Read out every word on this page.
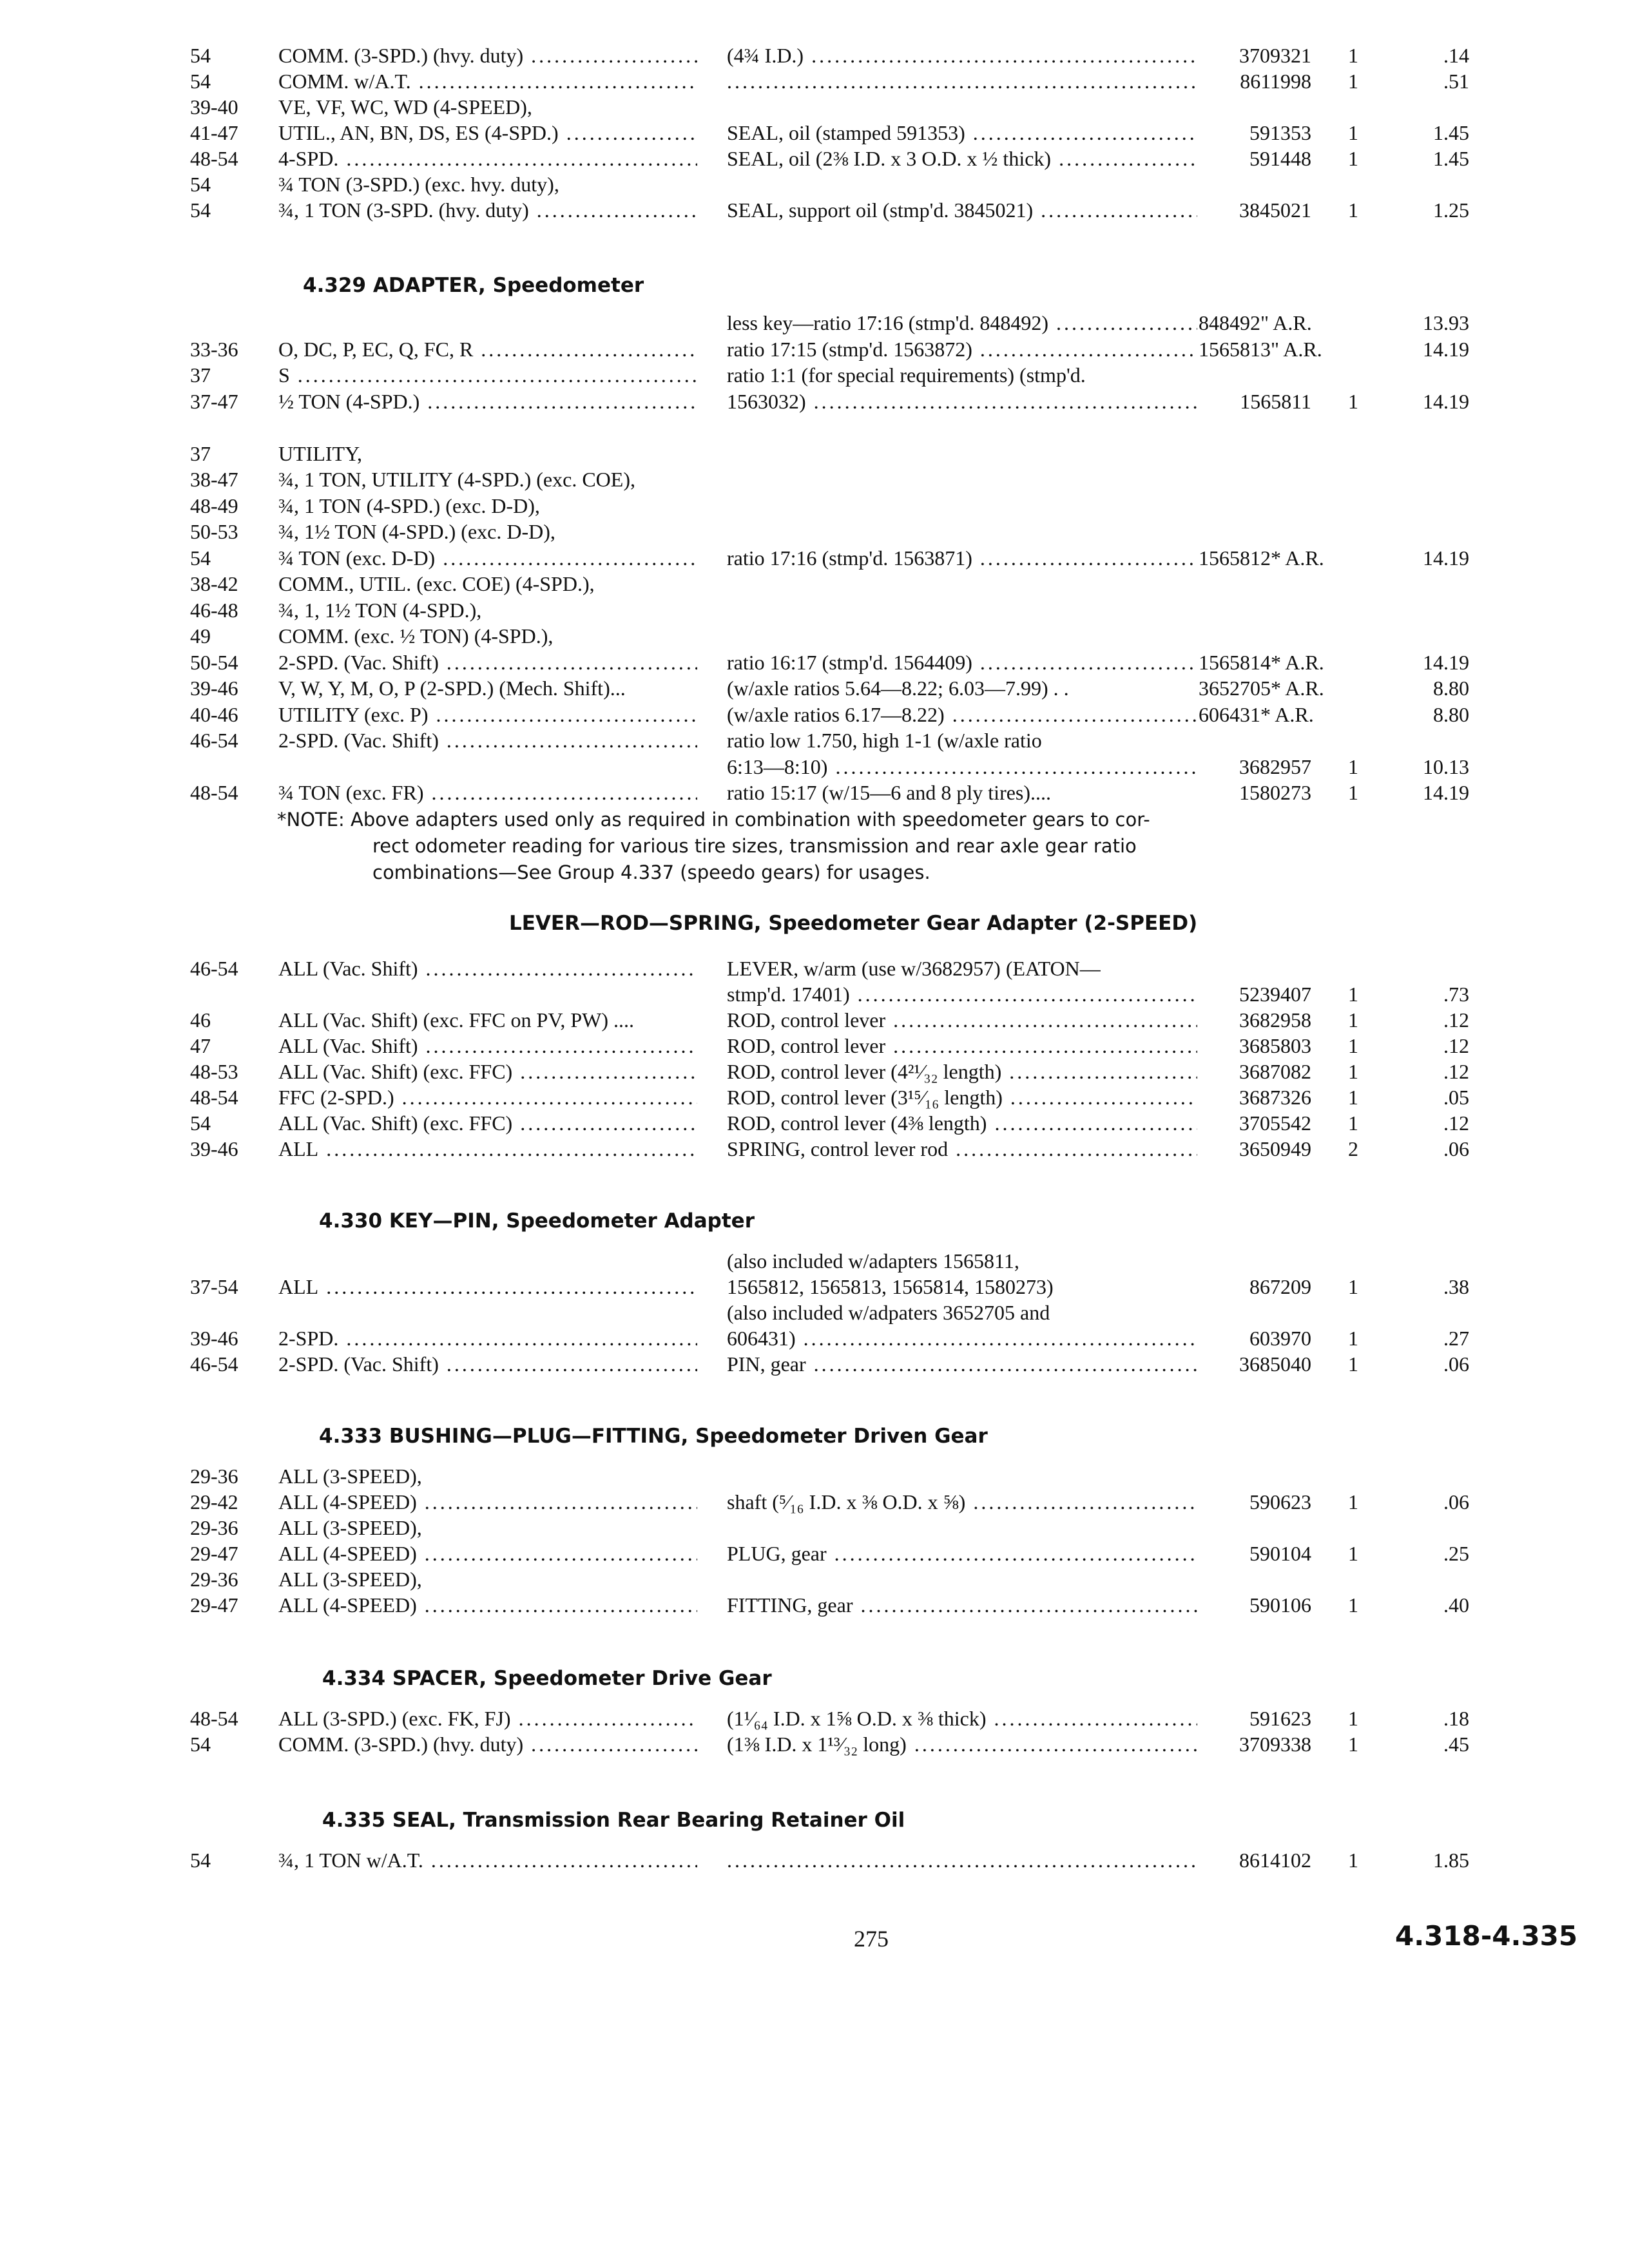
54	COMM. (3-SPD.) (hvy. duty) .....	(4¾ I.D.) .....	3709321	1	.14
54	COMM. w/A.T. ..... .....	8611998	1	.51
39-40	VE, VF, WC, WD (4-SPEED),
41-47	UTIL., AN, BN, DS, ES (4-SPD.) .....	SEAL, oil (stamped 591353) .....	591353	1	1.45
48-54	4-SPD. .....	SEAL, oil (2⅜ I.D. x 3 O.D. x ½ thick) .....	591448	1	1.45
54	¾ TON (3-SPD.) (exc. hvy. duty),
54	¾, 1 TON (3-SPD. (hvy. duty) .....	SEAL, support oil (stmp'd. 3845021) .....	3845021	1	1.25
4.329 ADAPTER, Speedometer
less key—ratio 17:16 (stmp'd. 848492) .....	848492" A.R.	13.93
33-36	O, DC, P, EC, Q, FC, R .....	ratio 17:15 (stmp'd. 1563872) .....	1565813" A.R.	14.19
37	S .....	ratio 1:1 (for special requirements) (stmp'd.
37-47	½ TON (4-SPD.) .....	1563032) .....	1565811	1	14.19
37	UTILITY,
38-47	¾, 1 TON, UTILITY (4-SPD.) (exc. COE),
48-49	¾, 1 TON (4-SPD.) (exc. D-D),
50-53	¾, 1½ TON (4-SPD.) (exc. D-D),
54	¾ TON (exc. D-D) .....	ratio 17:16 (stmp'd. 1563871) .....	1565812* A.R.	14.19
38-42	COMM., UTIL. (exc. COE) (4-SPD.),
46-48	¾, 1, 1½ TON (4-SPD.),
49	COMM. (exc. ½ TON) (4-SPD.),
50-54	2-SPD. (Vac. Shift) .....	ratio 16:17 (stmp'd. 1564409) .....	1565814* A.R.	14.19
39-46	V, W, Y, M, O, P (2-SPD.) (Mech. Shift)...	(w/axle ratios 5.64—8.22; 6.03—7.99) . .	3652705* A.R.	8.80
40-46	UTILITY (exc. P) .....	(w/axle ratios 6.17—8.22) .....	606431* A.R.	8.80
46-54	2-SPD. (Vac. Shift) .....	ratio low 1.750, high 1-1 (w/axle ratio
6:13—8:10) .....	3682957	1	10.13
48-54	¾ TON (exc. FR) .....	ratio 15:17 (w/15—6 and 8 ply tires)....	1580273	1	14.19
*NOTE: Above adapters used only as required in combination with speedometer gears to cor-
rect odometer reading for various tire sizes, transmission and rear axle gear ratio
combinations—See Group 4.337 (speedo gears) for usages.
LEVER—ROD—SPRING, Speedometer Gear Adapter (2-SPEED)
46-54	ALL (Vac. Shift) .....	LEVER, w/arm (use w/3682957) (EATON—
stmp'd. 17401) .....	5239407	1	.73
46	ALL (Vac. Shift) (exc. FFC on PV, PW) ....	ROD, control lever .....	3682958	1	.12
47	ALL (Vac. Shift) .....	ROD, control lever .....	3685803	1	.12
48-53	ALL (Vac. Shift) (exc. FFC) .....	ROD, control lever (4²¹⁄₃₂ length) .....	3687082	1	.12
48-54	FFC (2-SPD.) .....	ROD, control lever (3¹⁵⁄₁₆ length) .....	3687326	1	.05
54	ALL (Vac. Shift) (exc. FFC) .....	ROD, control lever (4⅜ length) .....	3705542	1	.12
39-46	ALL .....	SPRING, control lever rod .....	3650949	2	.06
4.330 KEY—PIN, Speedometer Adapter
(also included w/adapters 1565811,
37-54	ALL .....	1565812, 1565813, 1565814, 1580273)	867209	1	.38
(also included w/adpaters 3652705 and
39-46	2-SPD. .....	606431) .....	603970	1	.27
46-54	2-SPD. (Vac. Shift) .....	PIN, gear .....	3685040	1	.06
4.333 BUSHING—PLUG—FITTING, Speedometer Driven Gear
29-36	ALL (3-SPEED),
29-42	ALL (4-SPEED) .....	shaft (⁵⁄₁₆ I.D. x ⅜ O.D. x ⅝) .....	590623	1	.06
29-36	ALL (3-SPEED),
29-47	ALL (4-SPEED) .....	PLUG, gear .....	590104	1	.25
29-36	ALL (3-SPEED),
29-47	ALL (4-SPEED) .....	FITTING, gear .....	590106	1	.40
4.334 SPACER, Speedometer Drive Gear
48-54	ALL (3-SPD.) (exc. FK, FJ) .....	(1¹⁄₆₄ I.D. x 1⅝ O.D. x ⅜ thick) .....	591623	1	.18
54	COMM. (3-SPD.) (hvy. duty) .....	(1⅜ I.D. x 1¹³⁄₃₂ long) .....	3709338	1	.45
4.335 SEAL, Transmission Rear Bearing Retainer Oil
54	¾, 1 TON w/A.T. ..... .....	8614102	1	1.85
275	4.318-4.335
